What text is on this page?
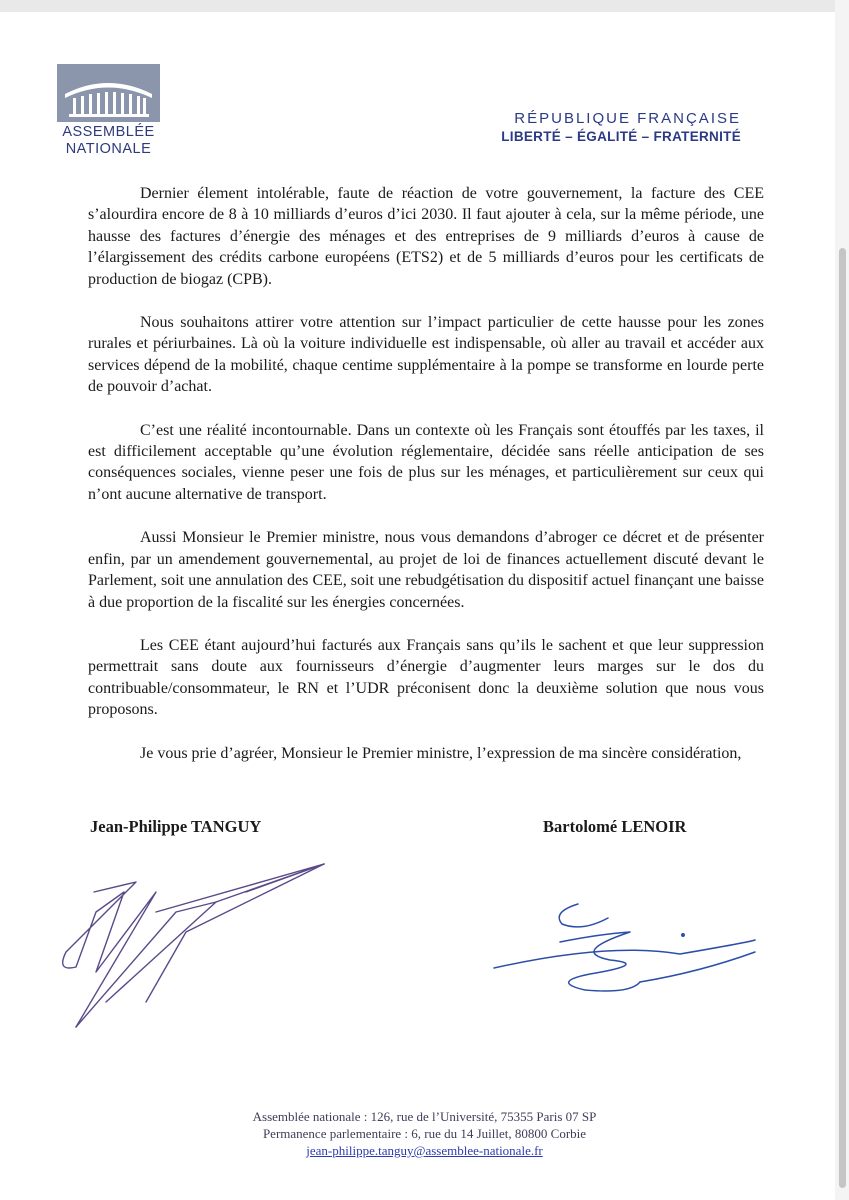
ASSEMBLÉE
NATIONALE
RÉPUBLIQUE FRANÇAISE
LIBERTÉ – ÉGALITÉ – FRATERNITÉ

Dernier élement intolérable, faute de réaction de votre gouvernement, la facture des CEE s’alourdira encore de 8 à 10 milliards d’euros d’ici 2030. Il faut ajouter à cela, sur la même période, une hausse des factures d’énergie des ménages et des entreprises de 9 milliards d’euros à cause de l’élargissement des crédits carbone européens (ETS2) et de 5 milliards d’euros pour les certificats de production de biogaz (CPB).

Nous souhaitons attirer votre attention sur l’impact particulier de cette hausse pour les zones rurales et périurbaines. Là où la voiture individuelle est indispensable, où aller au travail et accéder aux services dépend de la mobilité, chaque centime supplémentaire à la pompe se transforme en lourde perte de pouvoir d’achat.

C’est une réalité incontournable. Dans un contexte où les Français sont étouffés par les taxes, il est difficilement acceptable qu’une évolution réglementaire, décidée sans réelle anticipation de ses conséquences sociales, vienne peser une fois de plus sur les ménages, et particulièrement sur ceux qui n’ont aucune alternative de transport.

Aussi Monsieur le Premier ministre, nous vous demandons d’abroger ce décret et de présenter enfin, par un amendement gouvernemental, au projet de loi de finances actuellement discuté devant le Parlement, soit une annulation des CEE, soit une rebudgétisation du dispositif actuel finançant une baisse à due proportion de la fiscalité sur les énergies concernées.

Les CEE étant aujourd’hui facturés aux Français sans qu’ils le sachent et que leur suppression permettrait sans doute aux fournisseurs d’énergie d’augmenter leurs marges sur le dos du contribuable/consommateur, le RN et l’UDR préconisent donc la deuxième solution que nous vous proposons.

Je vous prie d’agréer, Monsieur le Premier ministre, l’expression de ma sincère considération,

Jean-Philippe TANGUY	Bartolomé LENOIR
Assemblée nationale : 126, rue de l’Université, 75355 Paris 07 SP
Permanence parlementaire : 6, rue du 14 Juillet, 80800 Corbie
jean-philippe.tanguy@assemblee-nationale.fr
